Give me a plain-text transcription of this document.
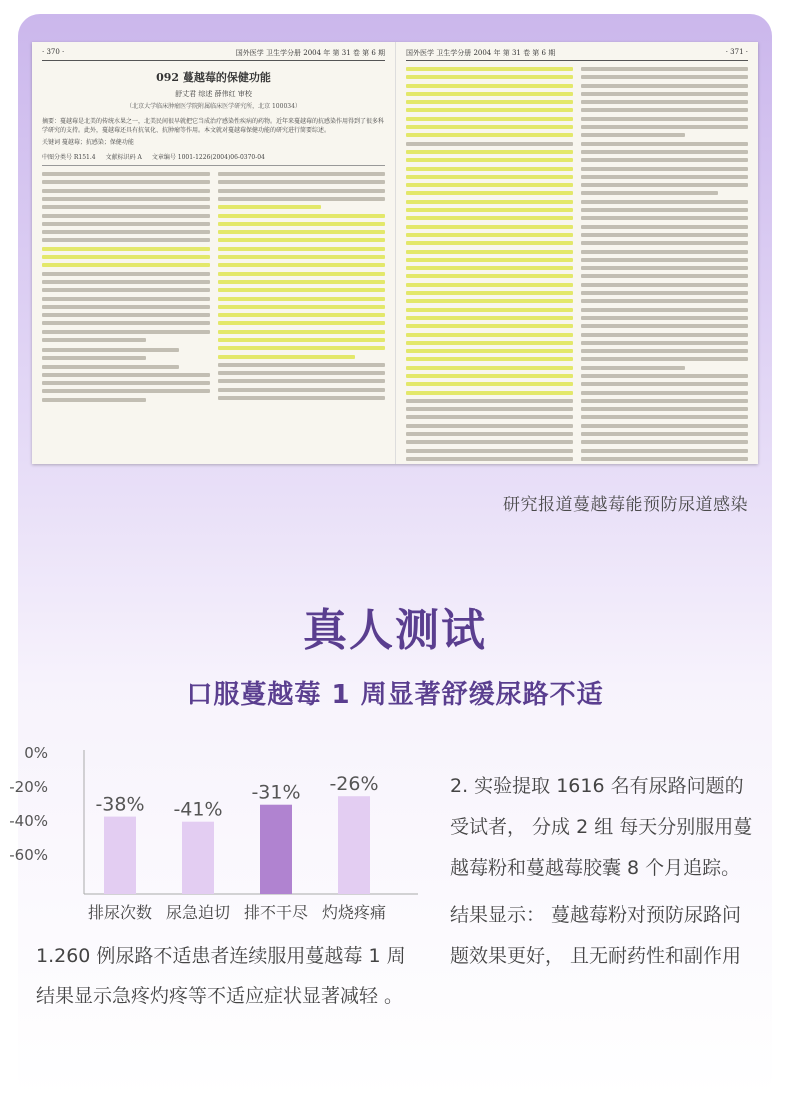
· 370 ·	国外医学 卫生学分册 2004 年 第 31 卷 第 6 期
092 蔓越莓的保健功能
舒丈君 综述 薛伟红 审校
（北京大学临床肿瘤医学院附属临床医学研究所，北京 100034）
摘要：蔓越莓是北美的传统水果之一，北美民间很早就把它当成治疗感染性疾病的药物。近年来蔓越莓的抗感染作用得到了很多科学研究的支持。此外，蔓越莓还具有抗氧化、抗肿瘤等作用。本文就对蔓越莓保健功能的研究进行简要综述。
关键词 蔓越莓；抗感染；保健功能
中图分类号 R151.4 文献标识码 A 文章编号 1001-1226(2004)06-0370-04
国外医学 卫生学分册 2004 年 第 31 卷 第 6 期	· 371 ·
研究报道蔓越莓能预防尿道感染
真人测试
口服蔓越莓 1 周显著舒缓尿路不适
0%
-20%
-40%
-60%
-38%
排尿次数
-41%
尿急迫切
-31%
排不干尽
-26%
灼烧疼痛
1.260 例尿路不适患者连续服用蔓越莓 1 周结果显示急疼灼疼等不适应症状显著减轻 。

2. 实验提取 1616 名有尿路问题的受试者， 分成 2 组 每天分别服用蔓越莓粉和蔓越莓胶囊 8 个月追踪。

结果显示： 蔓越莓粉对预防尿路问题效果更好， 且无耐药性和副作用
